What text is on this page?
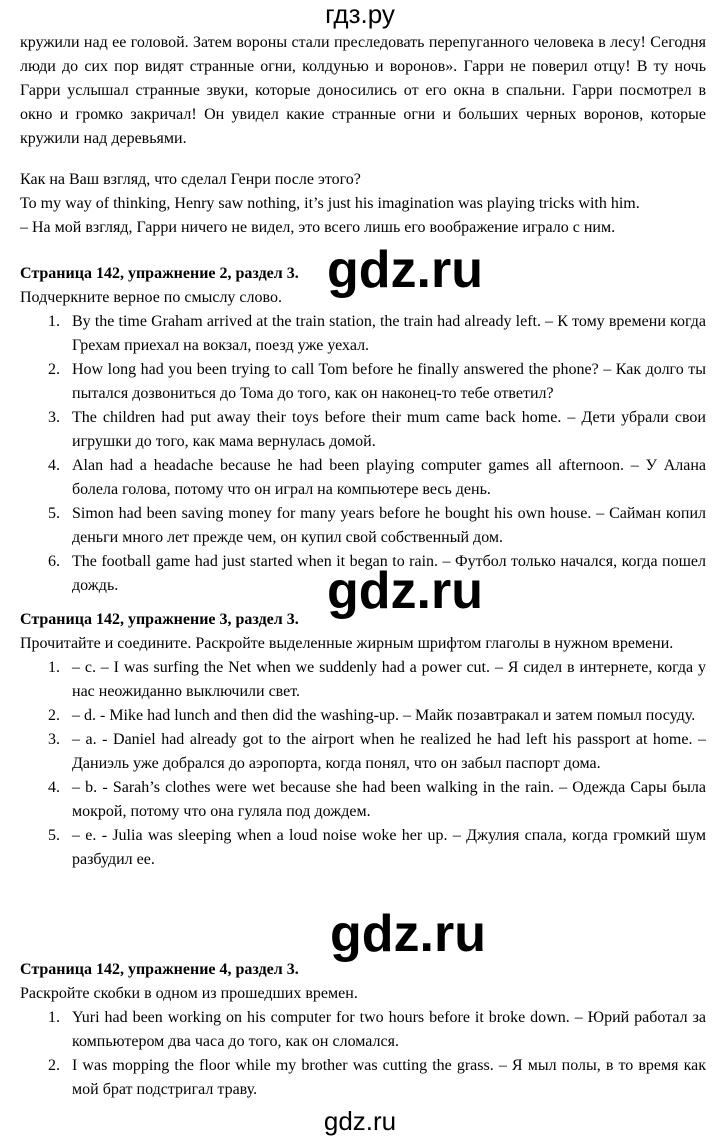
гдз.ру

кружили над ее головой. Затем вороны стали преследовать перепуганного человека в лесу! Сегодня люди до сих пор видят странные огни, колдунью и воронов». Гарри не поверил отцу! В ту ночь Гарри услышал странные звуки, которые доносились от его окна в спальни. Гарри посмотрел в окно и громко закричал! Он увидел какие странные огни и больших черных воронов, которые кружили над деревьями.

Как на Ваш взгляд, что сделал Генри после этого?

To my way of thinking, Henry saw nothing, it’s just his imagination was playing tricks with him.

– На мой взгляд, Гарри ничего не видел, это всего лишь его воображение играло с ним.

Страница 142, упражнение 2, раздел 3.

Подчеркните верное по смыслу слово.

1. By the time Graham arrived at the train station, the train had already left. – К тому времени когда Грехам приехал на вокзал, поезд уже уехал.
2. How long had you been trying to call Tom before he finally answered the phone? – Как долго ты пытался дозвониться до Тома до того, как он наконец-то тебе ответил?
3. The children had put away their toys before their mum came back home. – Дети убрали свои игрушки до того, как мама вернулась домой.
4. Alan had a headache because he had been playing computer games all afternoon. – У Алана болела голова, потому что он играл на компьютере весь день.
5. Simon had been saving money for many years before he bought his own house. – Сайман копил деньги много лет прежде чем, он купил свой собственный дом.
6. The football game had just started when it began to rain. – Футбол только начался, когда пошел дождь.

Страница 142, упражнение 3, раздел 3.

Прочитайте и соедините. Раскройте выделенные жирным шрифтом глаголы в нужном времени.

1. – c. – I was surfing the Net when we suddenly had a power cut. – Я сидел в интернете, когда у нас неожиданно выключили свет.
2. – d. - Mike had lunch and then did the washing-up. – Майк позавтракал и затем помыл посуду.
3. – a. - Daniel had already got to the airport when he realized he had left his passport at home. – Даниэль уже добрался до аэропорта, когда понял, что он забыл паспорт дома.
4. – b. - Sarah’s clothes were wet because she had been walking in the rain. – Одежда Сары была мокрой, потому что она гуляла под дождем.
5. – e. - Julia was sleeping when a loud noise woke her up. – Джулия спала, когда громкий шум разбудил ее.

Страница 142, упражнение 4, раздел 3.

Раскройте скобки в одном из прошедших времен.

1. Yuri had been working on his computer for two hours before it broke down. – Юрий работал за компьютером два часа до того, как он сломался.
2. I was mopping the floor while my brother was cutting the grass. – Я мыл полы, в то время как мой брат подстригал траву.
gdz.ru
gdz.ru
gdz.ru
gdz.ru
